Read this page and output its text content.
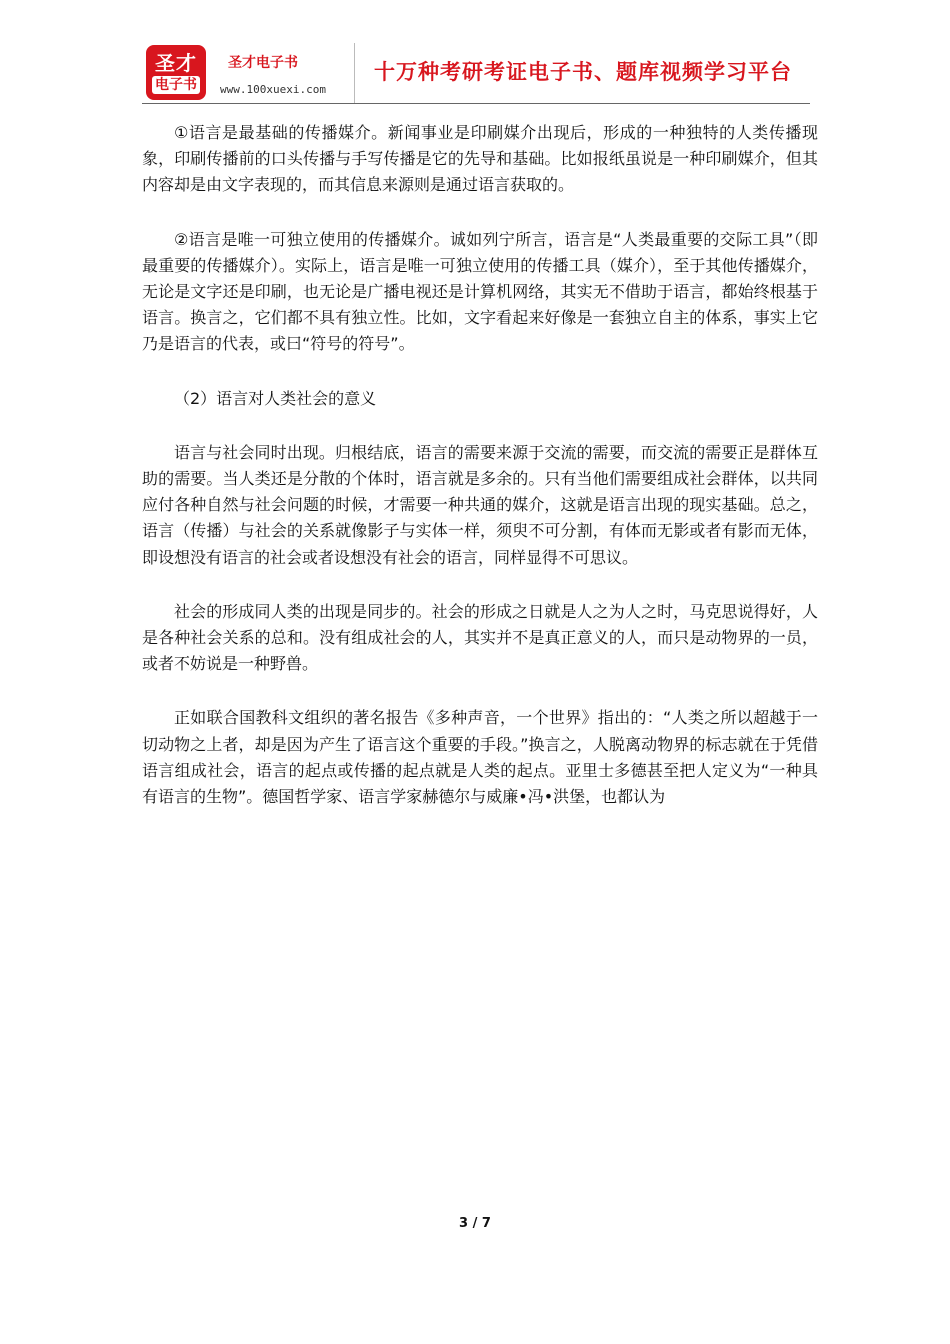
圣才
电子书
圣才电子书
www.100xuexi.com
十万种考研考证电子书、题库视频学习平台

①语言是最基础的传播媒介。新闻事业是印刷媒介出现后，形成的一种独特的人类传播现象，印刷传播前的口头传播与手写传播是它的先导和基础。比如报纸虽说是一种印刷媒介，但其内容却是由文字表现的，而其信息来源则是通过语言获取的。

②语言是唯一可独立使用的传播媒介。诚如列宁所言，语言是“人类最重要的交际工具”（即最重要的传播媒介）。实际上，语言是唯一可独立使用的传播工具（媒介），至于其他传播媒介，无论是文字还是印刷，也无论是广播电视还是计算机网络，其实无不借助于语言，都始终根基于语言。换言之，它们都不具有独立性。比如，文字看起来好像是一套独立自主的体系，事实上它乃是语言的代表，或曰“符号的符号”。

（2）语言对人类社会的意义

语言与社会同时出现。归根结底，语言的需要来源于交流的需要，而交流的需要正是群体互助的需要。当人类还是分散的个体时，语言就是多余的。只有当他们需要组成社会群体，以共同应付各种自然与社会问题的时候，才需要一种共通的媒介，这就是语言出现的现实基础。总之，语言（传播）与社会的关系就像影子与实体一样，须臾不可分割，有体而无影或者有影而无体，即设想没有语言的社会或者设想没有社会的语言，同样显得不可思议。

社会的形成同人类的出现是同步的。社会的形成之日就是人之为人之时，马克思说得好，人是各种社会关系的总和。没有组成社会的人，其实并不是真正意义的人，而只是动物界的一员，或者不妨说是一种野兽。

正如联合国教科文组织的著名报告《多种声音，一个世界》指出的：“人类之所以超越于一切动物之上者，却是因为产生了语言这个重要的手段。”换言之，人脱离动物界的标志就在于凭借语言组成社会，语言的起点或传播的起点就是人类的起点。亚里士多德甚至把人定义为“一种具有语言的生物”。德国哲学家、语言学家赫德尔与威廉•冯•洪堡，也都认为

3 / 7
